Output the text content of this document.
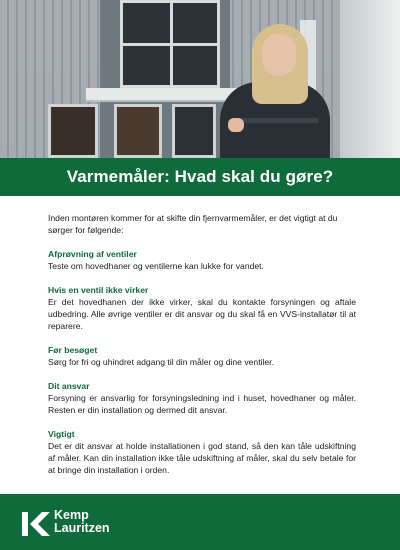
Varmemåler: Hvad skal du gøre?

Inden montøren kommer for at skifte din fjernvarmemåler, er det vigtigt at du sørger for følgende:

Afprøvning af ventiler

Teste om hovedhaner og ventilerne kan lukke for vandet.

Hvis en ventil ikke virker

Er det hovedhanen der ikke virker, skal du kontakte forsyningen og aftale udbedring. Alle øvrige ventiler er dit ansvar og du skal få en VVS-installatør til at reparere.

Før besøget

Sørg for fri og uhindret adgang til din måler og dine ventiler.

Dit ansvar

Forsyning er ansvarlig for forsyningsledning ind i huset, hovedhaner og måler. Resten er din installation og dermed dit ansvar.

Vigtigt

Det er dit ansvar at holde installationen i god stand, så den kan tåle udskiftning af måler. Kan din installation ikke tåle udskiftning af måler, skal du selv betale for at bringe din installation i orden.

Kemp
Lauritzen
